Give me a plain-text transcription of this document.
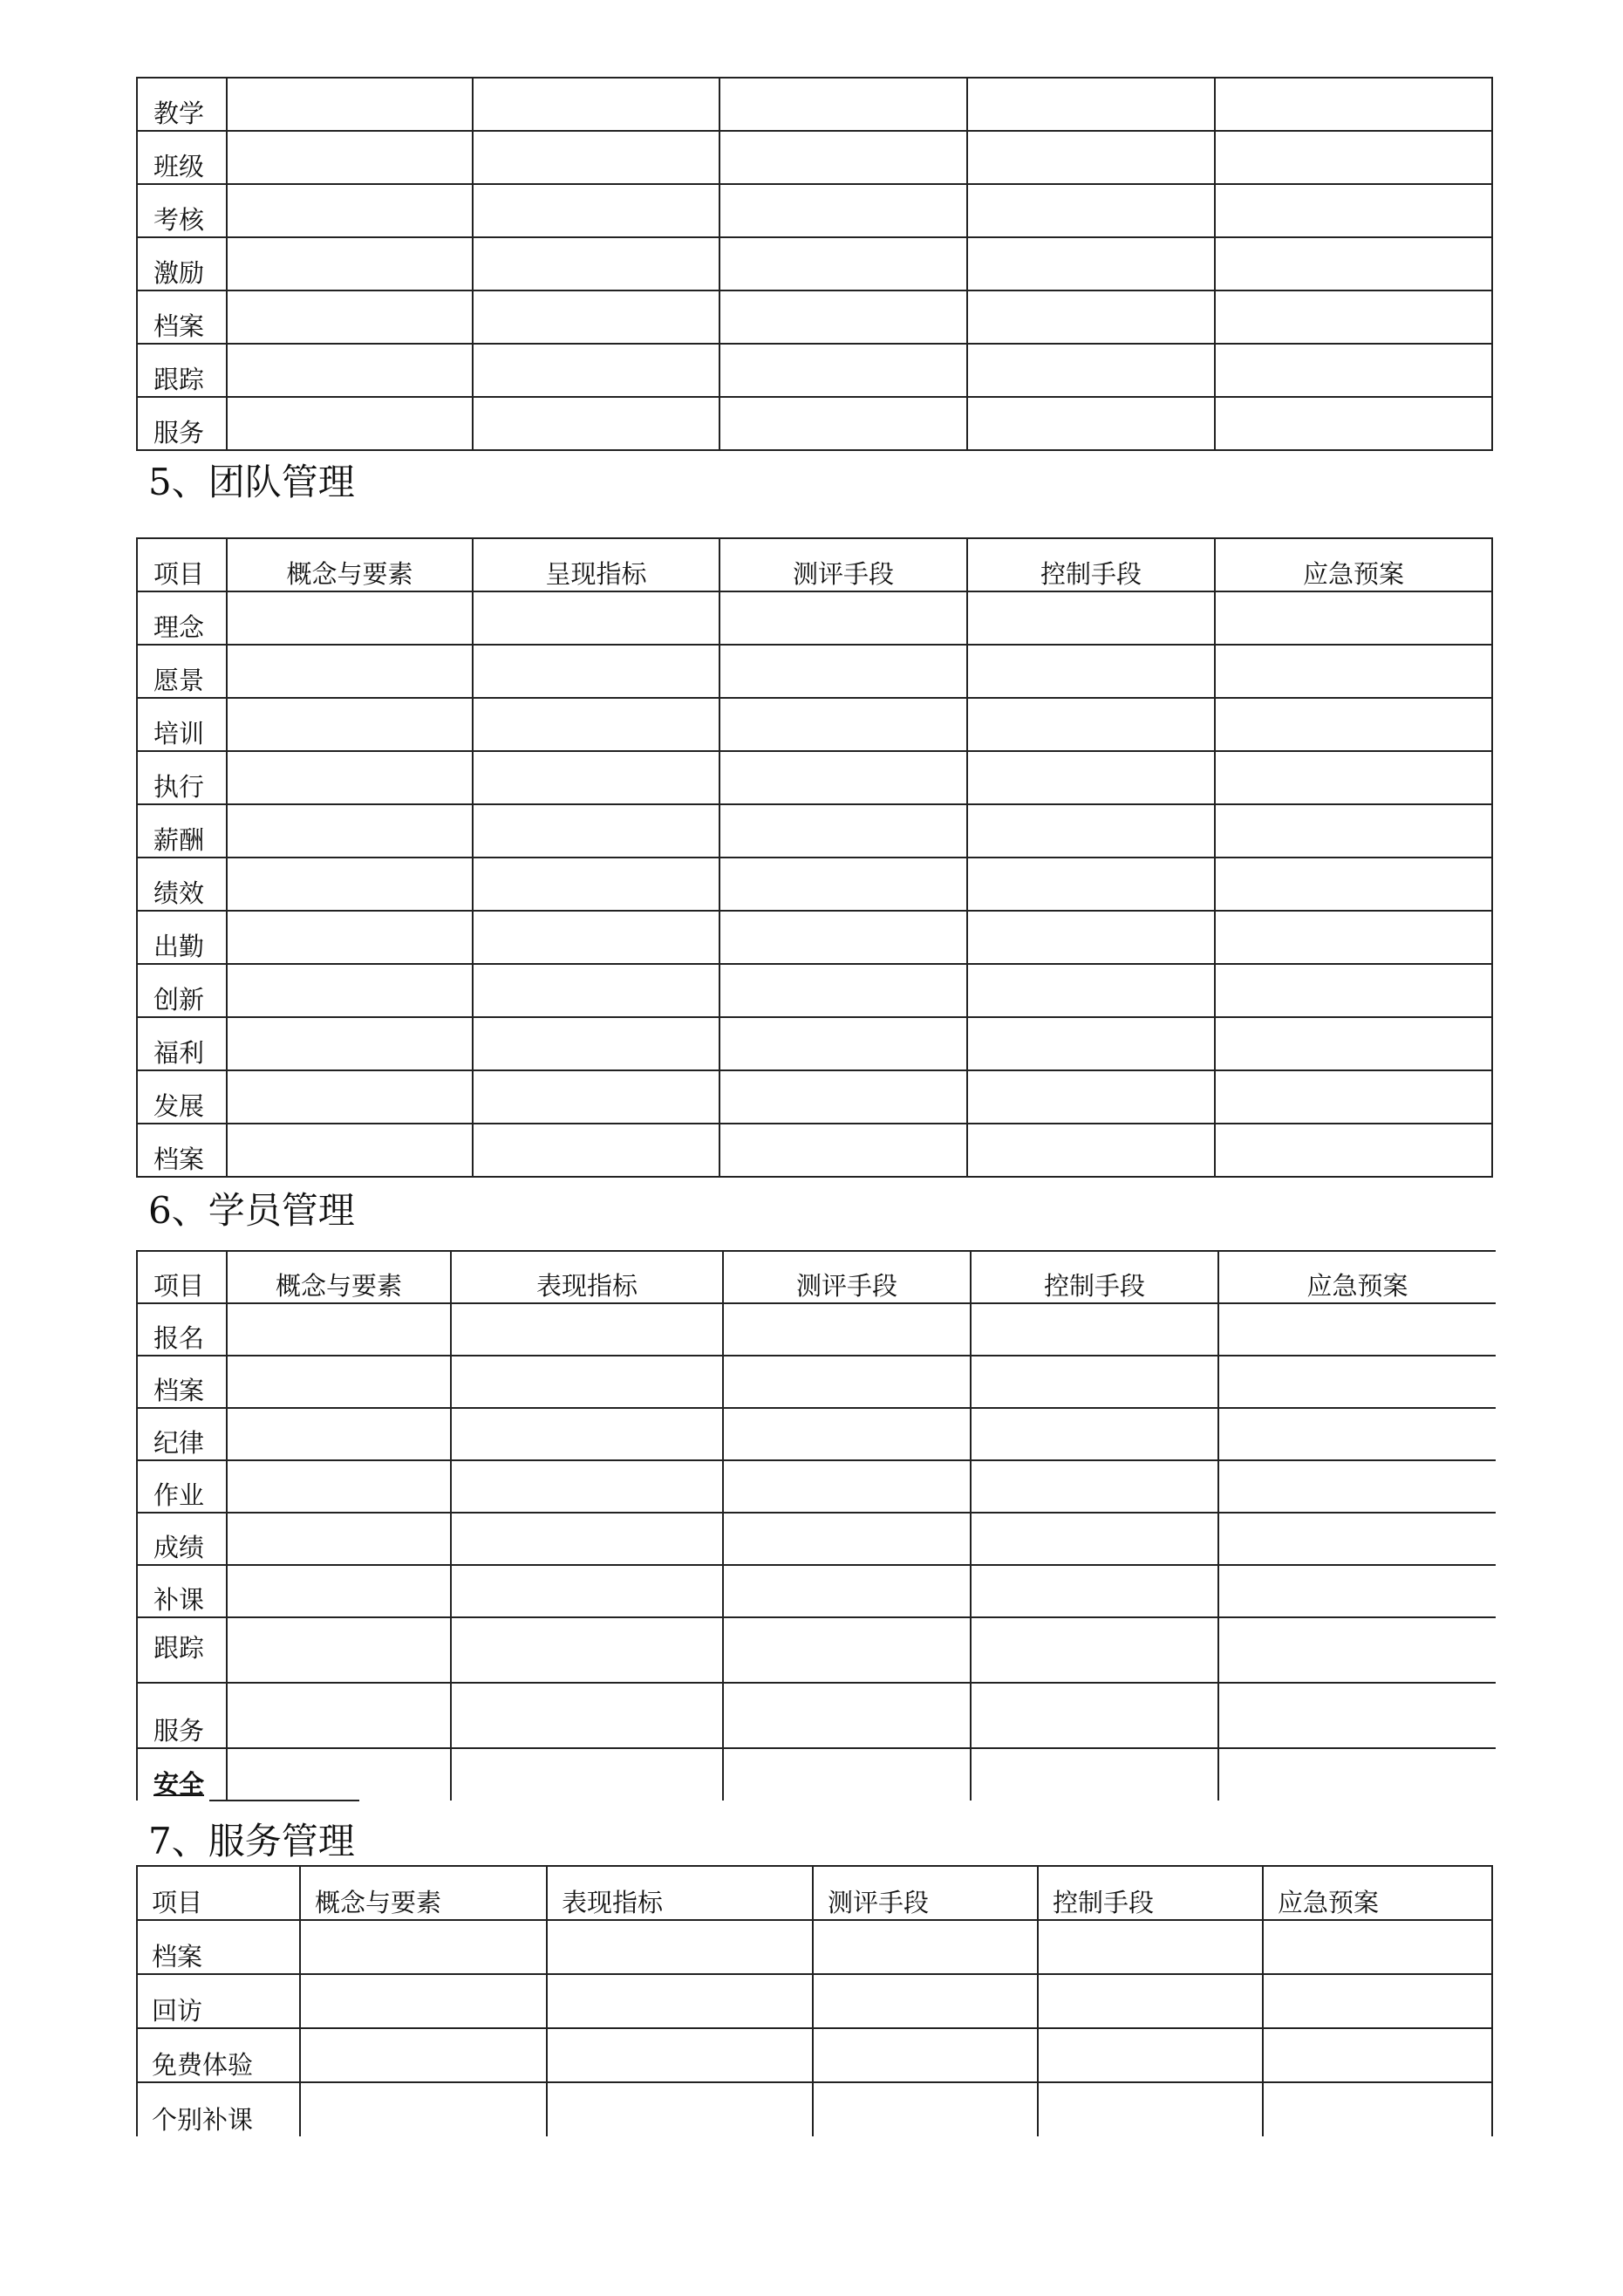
教学					
班级					
考核					
激励					
档案					
跟踪					
服务					
5、团队管理
项目	概念与要素	呈现指标	测评手段	控制手段	应急预案
理念					
愿景					
培训					
执行					
薪酬					
绩效					
出勤					
创新					
福利					
发展					
档案					
6、学员管理
项目	概念与要素	表现指标	测评手段	控制手段	应急预案
报名					
档案					
纪律					
作业					
成绩					
补课					
跟踪					
服务					
安全					
7、服务管理
项目	概念与要素	表现指标	测评手段	控制手段	应急预案
档案					
回访					
免费体验					
个别补课					
